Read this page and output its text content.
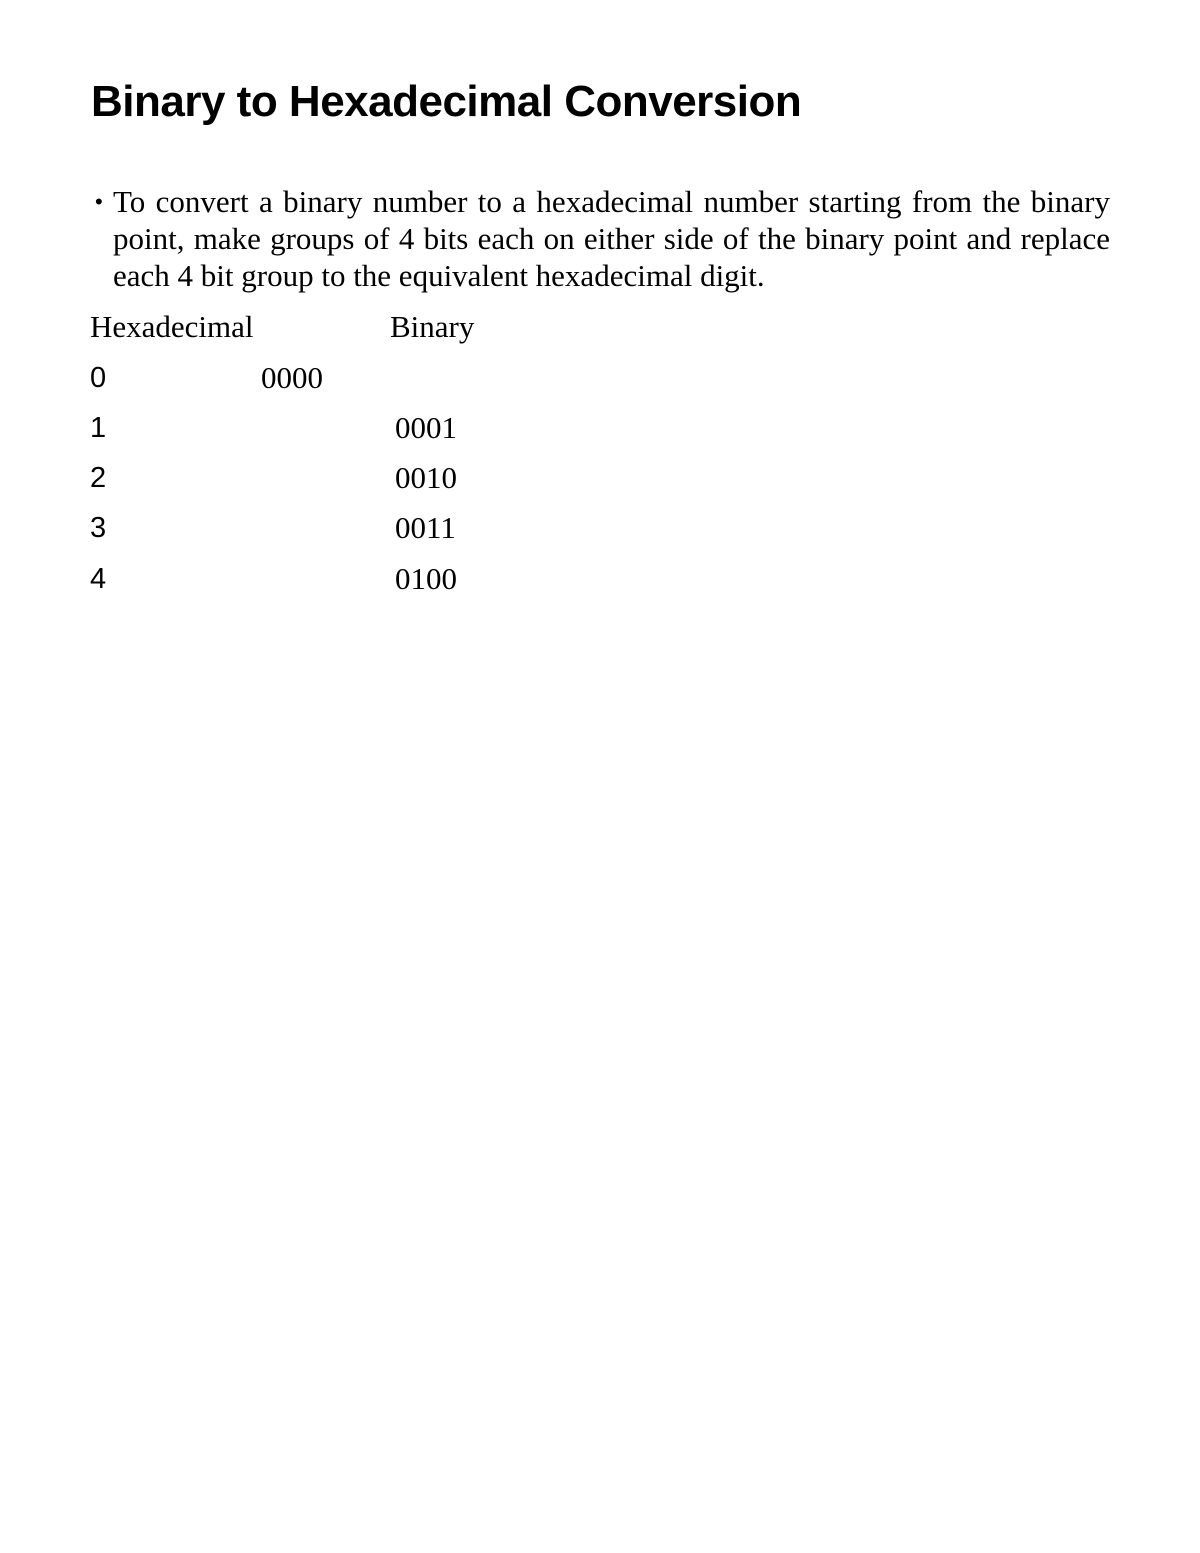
Binary to Hexadecimal Conversion
• To convert a binary number to a hexadecimal number starting from the binary point, make groups of 4 bits each on either side of the binary point and replace each 4 bit group to the equivalent hexadecimal digit.
Hexadecimal	Binary
0	0000
1	0001
2	0010
3	0011
4	0100
